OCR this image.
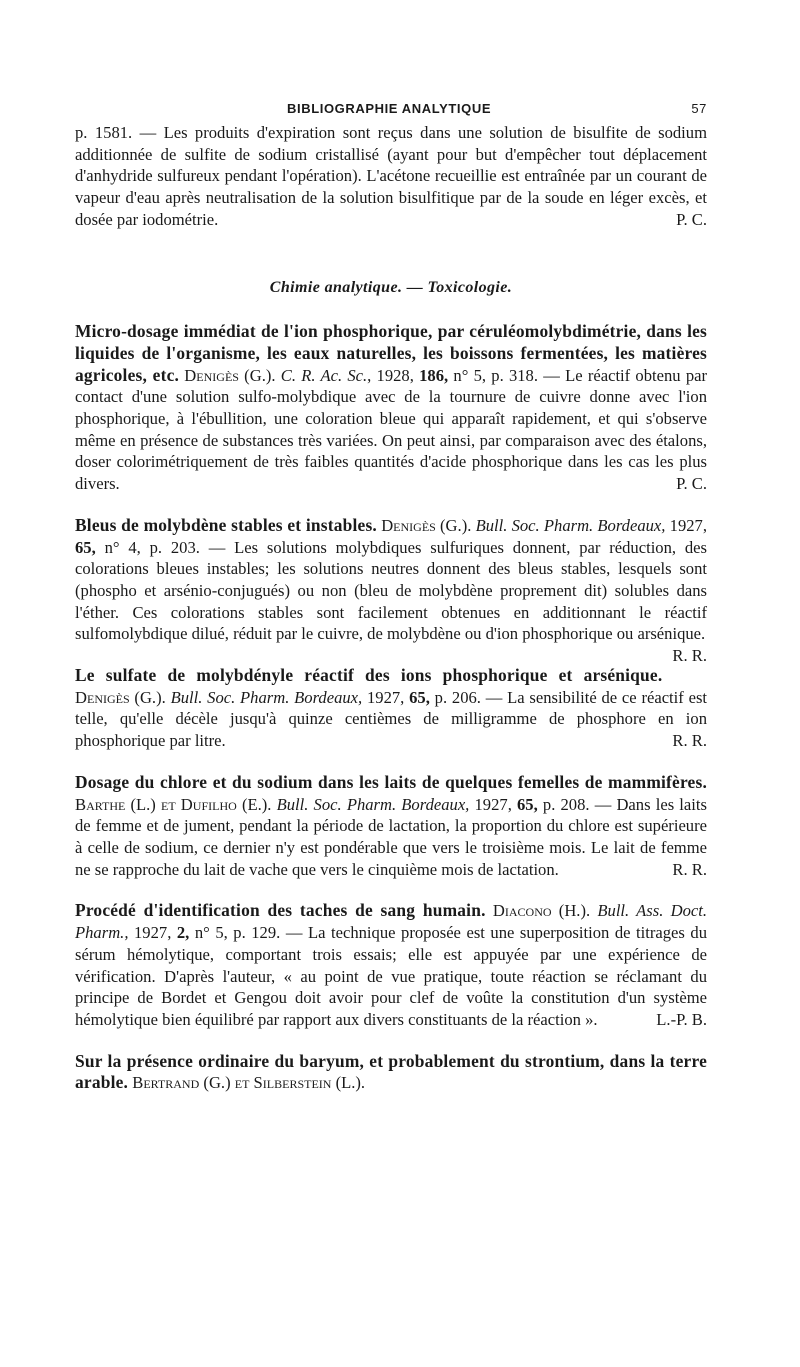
BIBLIOGRAPHIE ANALYTIQUE	57

p. 1581. — Les produits d'expiration sont reçus dans une solution de bisulfite de sodium additionnée de sulfite de sodium cristallisé (ayant pour but d'empêcher tout déplacement d'anhydride sulfureux pendant l'opération). L'acétone recueillie est entraînée par un courant de vapeur d'eau après neutralisation de la solution bisulfitique par de la soude en léger excès, et dosée par iodométrie.	P. C.

Chimie analytique. — Toxicologie.

Micro-dosage immédiat de l'ion phosphorique, par céruléomolybdimétrie, dans les liquides de l'organisme, les eaux naturelles, les boissons fermentées, les matières agricoles, etc. Denigès (G.). C. R. Ac. Sc., 1928, 186, n° 5, p. 318. — Le réactif obtenu par contact d'une solution sulfo-molybdique avec de la tournure de cuivre donne avec l'ion phosphorique, à l'ébullition, une coloration bleue qui apparaît rapidement, et qui s'observe même en présence de substances très variées. On peut ainsi, par comparaison avec des étalons, doser colorimétriquement de très faibles quantités d'acide phosphorique dans les cas les plus divers.	P. C.

Bleus de molybdène stables et instables. Denigès (G.). Bull. Soc. Pharm. Bordeaux, 1927, 65, n° 4, p. 203. — Les solutions molybdiques sulfuriques donnent, par réduction, des colorations bleues instables; les solutions neutres donnent des bleus stables, lesquels sont (phospho et arsénio-conjugués) ou non (bleu de molybdène proprement dit) solubles dans l'éther. Ces colorations stables sont facilement obtenues en additionnant le réactif sulfomolybdique dilué, réduit par le cuivre, de molybdène ou d'ion phosphorique ou arsénique.
R. R.

Le sulfate de molybdényle réactif des ions phosphorique et arsénique. Denigès (G.). Bull. Soc. Pharm. Bordeaux, 1927, 65, p. 206. — La sensibilité de ce réactif est telle, qu'elle décèle jusqu'à quinze centièmes de milligramme de phosphore en ion phosphorique par litre.	R. R.

Dosage du chlore et du sodium dans les laits de quelques femelles de mammifères. Barthe (L.) et Dufilho (E.). Bull. Soc. Pharm. Bordeaux, 1927, 65, p. 208. — Dans les laits de femme et de jument, pendant la période de lactation, la proportion du chlore est supérieure à celle de sodium, ce dernier n'y est pondérable que vers le troisième mois. Le lait de femme ne se rapproche du lait de vache que vers le cinquième mois de lactation.	R. R.

Procédé d'identification des taches de sang humain. Diacono (H.). Bull. Ass. Doct. Pharm., 1927, 2, n° 5, p. 129. — La technique proposée est une superposition de titrages du sérum hémolytique, comportant trois essais; elle est appuyée par une expérience de vérification. D'après l'auteur, « au point de vue pratique, toute réaction se réclamant du principe de Bordet et Gengou doit avoir pour clef de voûte la constitution d'un système hémolytique bien équilibré par rapport aux divers constituants de la réaction ».	L.-P. B.

Sur la présence ordinaire du baryum, et probablement du strontium, dans la terre arable. Bertrand (G.) et Silberstein (L.).
